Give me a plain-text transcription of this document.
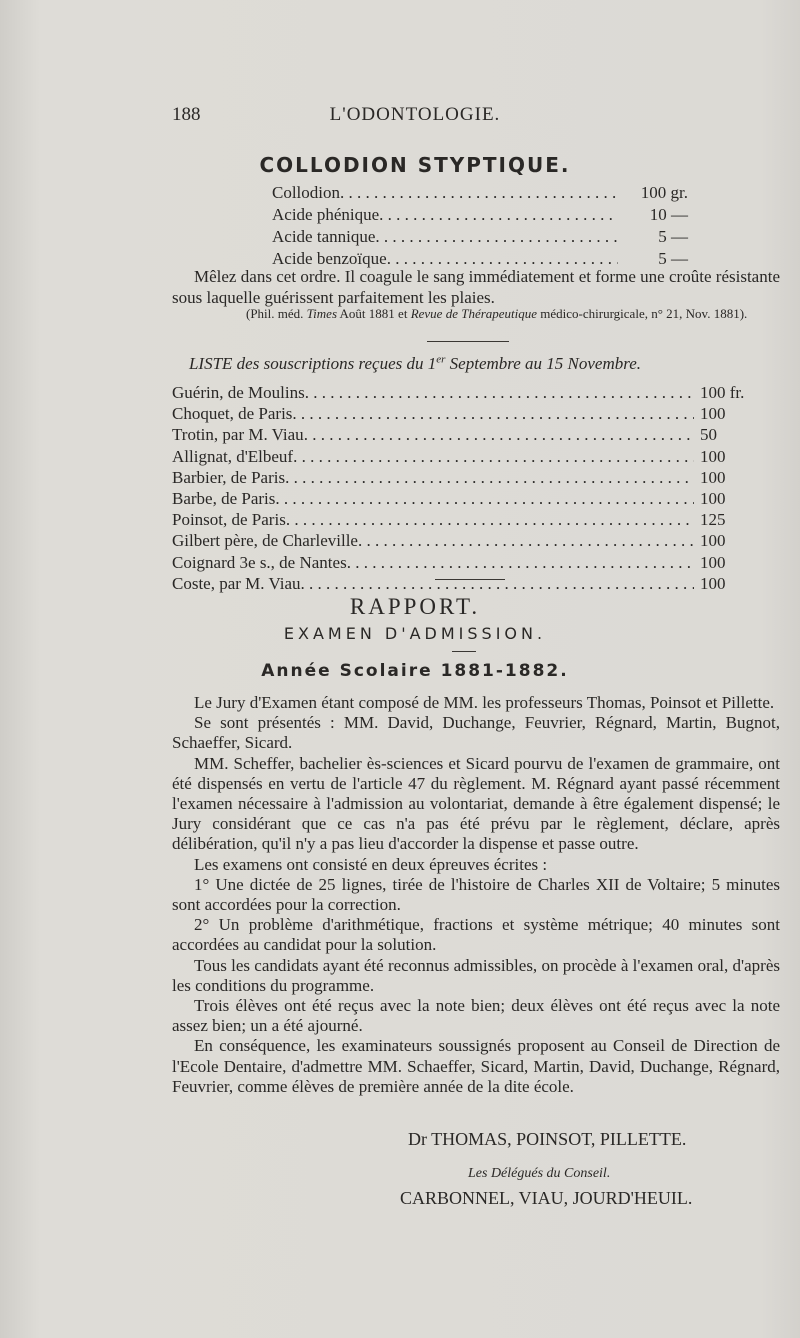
188	L'ODONTOLOGIE.
COLLODION STYPTIQUE.
Collodion . . .	100 gr.
Acide phénique . . .	10 —
Acide tannique . . .	5 —
Acide benzoïque . . .	5 —
Mêlez dans cet ordre. Il coagule le sang immédiatement et forme une croûte résistante sous laquelle guérissent parfaitement les plaies.
(Phil. méd. Times Août 1881 et Revue de Thérapeutique médico-chirurgicale, n° 21, Nov. 1881).
LISTE des souscriptions reçues du 1er Septembre au 15 Novembre.
Guérin, de Moulins . . .	100 fr.
Choquet, de Paris . . .	100
Trotin, par M. Viau . . .	50
Allignat, d'Elbeuf . . .	100
Barbier, de Paris . . .	100
Barbe, de Paris . . .	100
Poinsot, de Paris . . .	125
Gilbert père, de Charleville . . .	100
Coignard 3e s., de Nantes . . .	100
Coste, par M. Viau . . .	100
RAPPORT.
EXAMEN D'ADMISSION.
Année Scolaire 1881-1882.
Le Jury d'Examen étant composé de MM. les professeurs Thomas, Poinsot et Pillette.
Se sont présentés : MM. David, Duchange, Feuvrier, Régnard, Martin, Bugnot, Schaeffer, Sicard.
MM. Scheffer, bachelier ès-sciences et Sicard pourvu de l'examen de grammaire, ont été dispensés en vertu de l'article 47 du règlement. M. Régnard ayant passé récemment l'examen nécessaire à l'admission au volontariat, demande à être également dispensé; le Jury considérant que ce cas n'a pas été prévu par le règlement, déclare, après délibération, qu'il n'y a pas lieu d'accorder la dispense et passe outre.
Les examens ont consisté en deux épreuves écrites :
1° Une dictée de 25 lignes, tirée de l'histoire de Charles XII de Voltaire; 5 minutes sont accordées pour la correction.
2° Un problème d'arithmétique, fractions et système métrique; 40 minutes sont accordées au candidat pour la solution.
Tous les candidats ayant été reconnus admissibles, on procède à l'examen oral, d'après les conditions du programme.
Trois élèves ont été reçus avec la note bien; deux élèves ont été reçus avec la note assez bien; un a été ajourné.
En conséquence, les examinateurs soussignés proposent au Conseil de Direction de l'Ecole Dentaire, d'admettre MM. Schaeffer, Sicard, Martin, David, Duchange, Régnard, Feuvrier, comme élèves de première année de la dite école.
Dr THOMAS, POINSOT, PILLETTE.
Les Délégués du Conseil.
CARBONNEL, VIAU, JOURD'HEUIL.
